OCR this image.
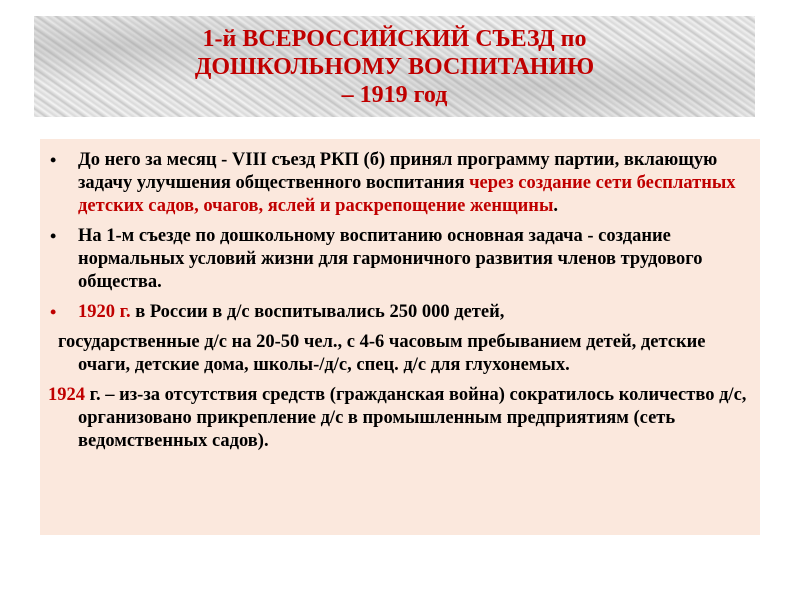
1-й ВСЕРОССИЙСКИЙ СЪЕЗД по
ДОШКОЛЬНОМУ ВОСПИТАНИЮ
– 1919 год

• До него за месяц - VIII съезд РКП (б) принял программу партии, вклающую задачу улучшения общественного воспитания через создание сети бесплатных детских садов, очагов, яслей и раскрепощение женщины.

• На 1-м съезде по дошкольному воспитанию основная задача - создание нормальных условий жизни для гармоничного развития членов трудового общества.

• 1920 г. в России в д/с воспитывались 250 000 детей,

государственные д/с на 20-50 чел., с 4-6 часовым пребыванием детей, детские очаги, детские дома, школы-/д/с, спец. д/с для глухонемых.

1924 г. – из-за отсутствия средств (гражданская война) сократилось количество д/с, организовано прикрепление д/с в промышленным предприятиям (сеть ведомственных садов).
